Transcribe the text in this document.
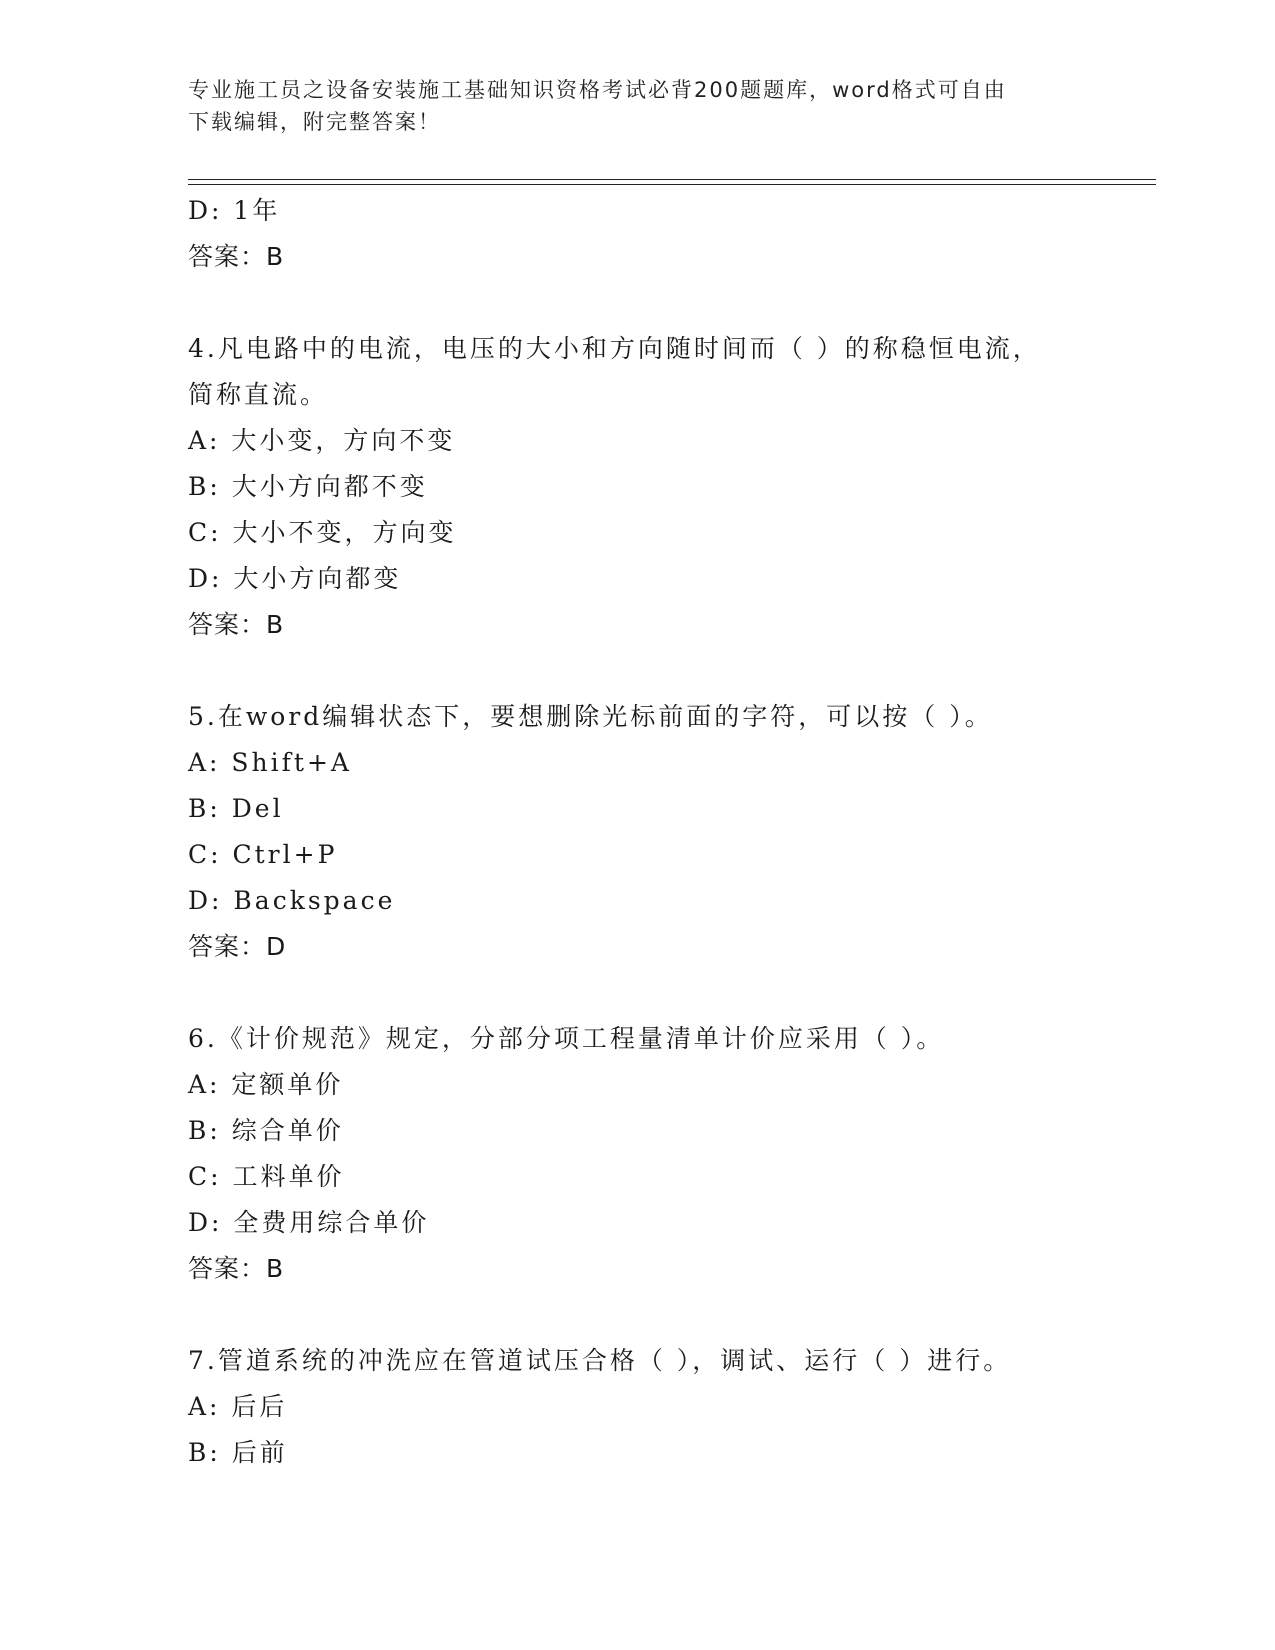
专业施工员之设备安装施工基础知识资格考试必背200题题库，word格式可自由
下载编辑，附完整答案！
D: 1年
答案：B
4.凡电路中的电流，电压的大小和方向随时间而（ ）的称稳恒电流，
简称直流。
A: 大小变，方向不变
B: 大小方向都不变
C: 大小不变，方向变
D: 大小方向都变
答案：B
5.在word编辑状态下，要想删除光标前面的字符，可以按（ ）。
A: Shift+A
B: Del
C: Ctrl+P
D: Backspace
答案：D
6.《计价规范》规定，分部分项工程量清单计价应采用（ ）。
A: 定额单价
B: 综合单价
C: 工料单价
D: 全费用综合单价
答案：B
7.管道系统的冲洗应在管道试压合格（ ），调试、运行（ ）进行。
A: 后后
B: 后前
